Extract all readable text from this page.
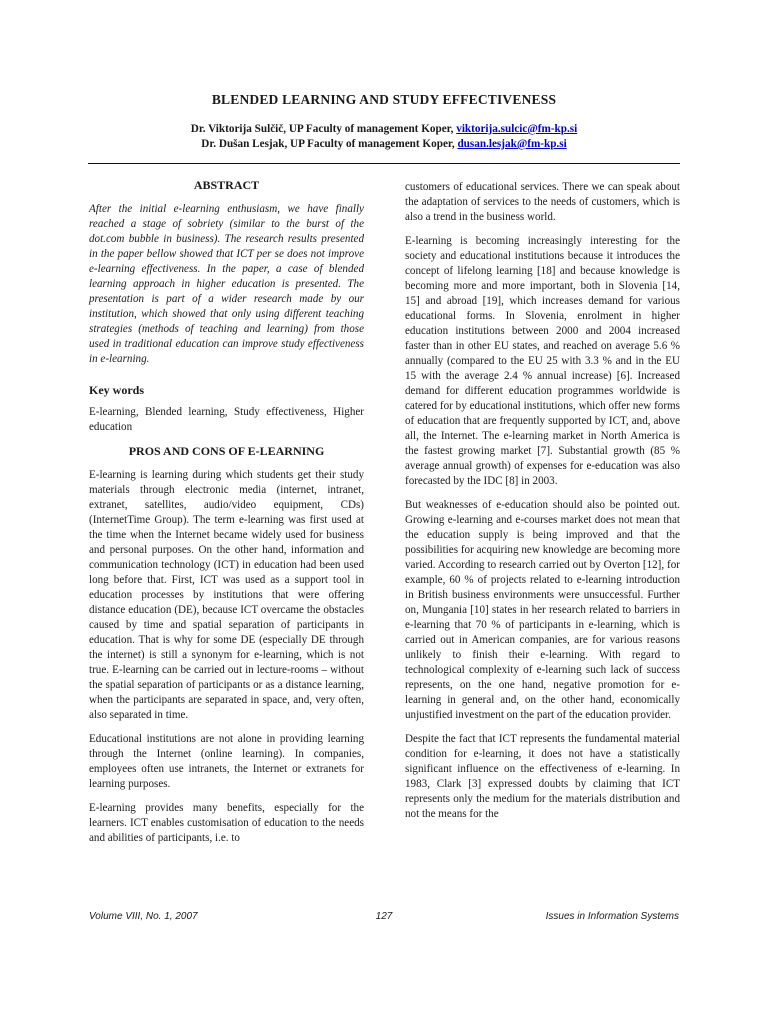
BLENDED LEARNING AND STUDY EFFECTIVENESS
Dr. Viktorija Sulčič, UP Faculty of management Koper, viktorija.sulcic@fm-kp.si
Dr. Dušan Lesjak, UP Faculty of management Koper, dusan.lesjak@fm-kp.si
ABSTRACT

After the initial e-learning enthusiasm, we have finally reached a stage of sobriety (similar to the burst of the dot.com bubble in business). The research results presented in the paper bellow showed that ICT per se does not improve e-learning effectiveness. In the paper, a case of blended learning approach in higher education is presented. The presentation is part of a wider research made by our institution, which showed that only using different teaching strategies (methods of teaching and learning) from those used in traditional education can improve study effectiveness in e-learning.

Key words

E-learning, Blended learning, Study effectiveness, Higher education

PROS AND CONS OF E-LEARNING

E-learning is learning during which students get their study materials through electronic media (internet, intranet, extranet, satellites, audio/video equipment, CDs) (InternetTime Group). The term e-learning was first used at the time when the Internet became widely used for business and personal purposes. On the other hand, information and communication technology (ICT) in education had been used long before that. First, ICT was used as a support tool in education processes by institutions that were offering distance education (DE), because ICT overcame the obstacles caused by time and spatial separation of participants in education. That is why for some DE (especially DE through the internet) is still a synonym for e-learning, which is not true. E-learning can be carried out in lecture-rooms – without the spatial separation of participants or as a distance learning, when the participants are separated in space, and, very often, also separated in time.

Educational institutions are not alone in providing learning through the Internet (online learning). In companies, employees often use intranets, the Internet or extranets for learning purposes.

E-learning provides many benefits, especially for the learners. ICT enables customisation of education to the needs and abilities of participants, i.e. to

customers of educational services. There we can speak about the adaptation of services to the needs of customers, which is also a trend in the business world.

E-learning is becoming increasingly interesting for the society and educational institutions because it introduces the concept of lifelong learning [18] and because knowledge is becoming more and more important, both in Slovenia [14, 15] and abroad [19], which increases demand for various educational forms. In Slovenia, enrolment in higher education institutions between 2000 and 2004 increased faster than in other EU states, and reached on average 5.6 % annually (compared to the EU 25 with 3.3 % and in the EU 15 with the average 2.4 % annual increase) [6]. Increased demand for different education programmes worldwide is catered for by educational institutions, which offer new forms of education that are frequently supported by ICT, and, above all, the Internet. The e-learning market in North America is the fastest growing market [7]. Substantial growth (85 % average annual growth) of expenses for e-education was also forecasted by the IDC [8] in 2003.

But weaknesses of e-education should also be pointed out. Growing e-learning and e-courses market does not mean that the education supply is being improved and that the possibilities for acquiring new knowledge are becoming more varied. According to research carried out by Overton [12], for example, 60 % of projects related to e-learning introduction in British business environments were unsuccessful. Further on, Mungania [10] states in her research related to barriers in e-learning that 70 % of participants in e-learning, which is carried out in American companies, are for various reasons unlikely to finish their e-learning. With regard to technological complexity of e-learning such lack of success represents, on the one hand, negative promotion for e-learning in general and, on the other hand, economically unjustified investment on the part of the education provider.

Despite the fact that ICT represents the fundamental material condition for e-learning, it does not have a statistically significant influence on the effectiveness of e-learning. In 1983, Clark [3] expressed doubts by claiming that ICT represents only the medium for the materials distribution and not the means for the

Volume VIII, No. 1, 2007	127	Issues in Information Systems
